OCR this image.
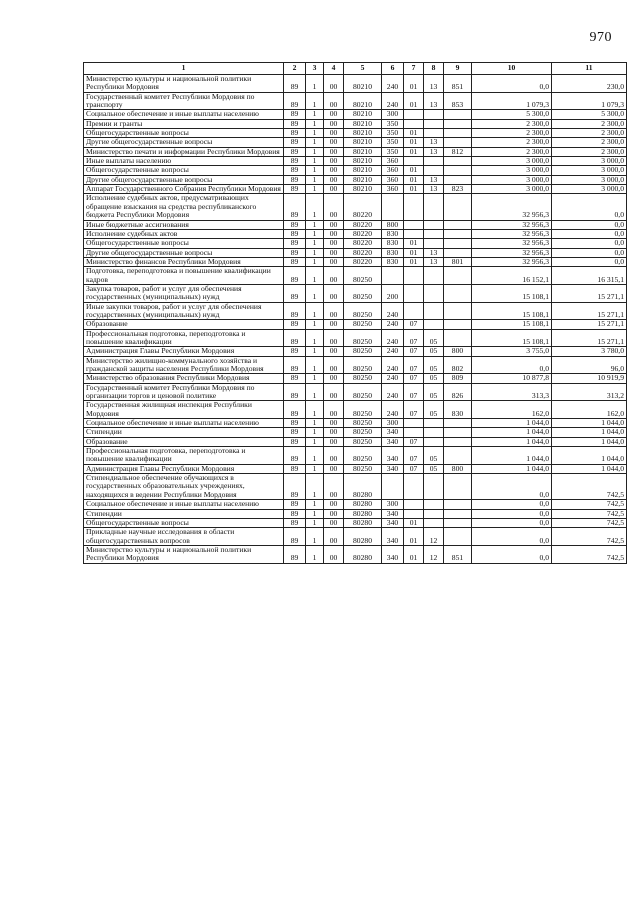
970
1	2	3	4	5	6	7	8	9	10	11
Министерство культуры и национальной политики Республики Мордовия	89	1	00	80210	240	01	13	851	0,0	230,0
Государственный комитет Республики Мордовия по транспорту	89	1	00	80210	240	01	13	853	1 079,3	1 079,3
Социальное обеспечение и иные выплаты населению	89	1	00	80210	300				5 300,0	5 300,0
Премии и гранты	89	1	00	80210	350				2 300,0	2 300,0
Общегосударственные вопросы	89	1	00	80210	350	01			2 300,0	2 300,0
Другие общегосударственные вопросы	89	1	00	80210	350	01	13		2 300,0	2 300,0
Министерство печати и информации Республики Мордовия	89	1	00	80210	350	01	13	812	2 300,0	2 300,0
Иные выплаты населению	89	1	00	80210	360				3 000,0	3 000,0
Общегосударственные вопросы	89	1	00	80210	360	01			3 000,0	3 000,0
Другие общегосударственные вопросы	89	1	00	80210	360	01	13		3 000,0	3 000,0
Аппарат Государственного Собрания Республики Мордовия	89	1	00	80210	360	01	13	823	3 000,0	3 000,0
Исполнение судебных актов, предусматривающих обращение взыскания на средства республиканского бюджета Республики Мордовия	89	1	00	80220					32 956,3	0,0
Иные бюджетные ассигнования	89	1	00	80220	800				32 956,3	0,0
Исполнение судебных актов	89	1	00	80220	830				32 956,3	0,0
Общегосударственные вопросы	89	1	00	80220	830	01			32 956,3	0,0
Другие общегосударственные вопросы	89	1	00	80220	830	01	13		32 956,3	0,0
Министерство финансов Республики Мордовия	89	1	00	80220	830	01	13	801	32 956,3	0,0
Подготовка, переподготовка и повышение квалификации кадров	89	1	00	80250					16 152,1	16 315,1
Закупка товаров, работ и услуг для обеспечения государственных (муниципальных) нужд	89	1	00	80250	200				15 108,1	15 271,1
Иные закупки товаров, работ и услуг для обеспечения государственных (муниципальных) нужд	89	1	00	80250	240				15 108,1	15 271,1
Образование	89	1	00	80250	240	07			15 108,1	15 271,1
Профессиональная подготовка, переподготовка и повышение квалификации	89	1	00	80250	240	07	05		15 108,1	15 271,1
Администрация Главы Республики Мордовия	89	1	00	80250	240	07	05	800	3 755,0	3 780,0
Министерство жилищно-коммунального хозяйства и гражданской защиты населения Республики Мордовия	89	1	00	80250	240	07	05	802	0,0	96,0
Министерство образования Республики Мордовия	89	1	00	80250	240	07	05	809	10 877,8	10 919,9
Государственный комитет Республики Мордовия по организации торгов и ценовой политике	89	1	00	80250	240	07	05	826	313,3	313,2
Государственная жилищная инспекция Республики Мордовия	89	1	00	80250	240	07	05	830	162,0	162,0
Социальное обеспечение и иные выплаты населению	89	1	00	80250	300				1 044,0	1 044,0
Стипендии	89	1	00	80250	340				1 044,0	1 044,0
Образование	89	1	00	80250	340	07			1 044,0	1 044,0
Профессиональная подготовка, переподготовка и повышение квалификации	89	1	00	80250	340	07	05		1 044,0	1 044,0
Администрация Главы Республики Мордовия	89	1	00	80250	340	07	05	800	1 044,0	1 044,0
Стипендиальное обеспечение обучающихся в государственных образовательных учреждениях, находящихся в ведении Республики Мордовия	89	1	00	80280					0,0	742,5
Социальное обеспечение и иные выплаты населению	89	1	00	80280	300				0,0	742,5
Стипендии	89	1	00	80280	340				0,0	742,5
Общегосударственные вопросы	89	1	00	80280	340	01			0,0	742,5
Прикладные научные исследования в области общегосударственных вопросов	89	1	00	80280	340	01	12		0,0	742,5
Министерство культуры и национальной политики Республики Мордовия	89	1	00	80280	340	01	12	851	0,0	742,5
